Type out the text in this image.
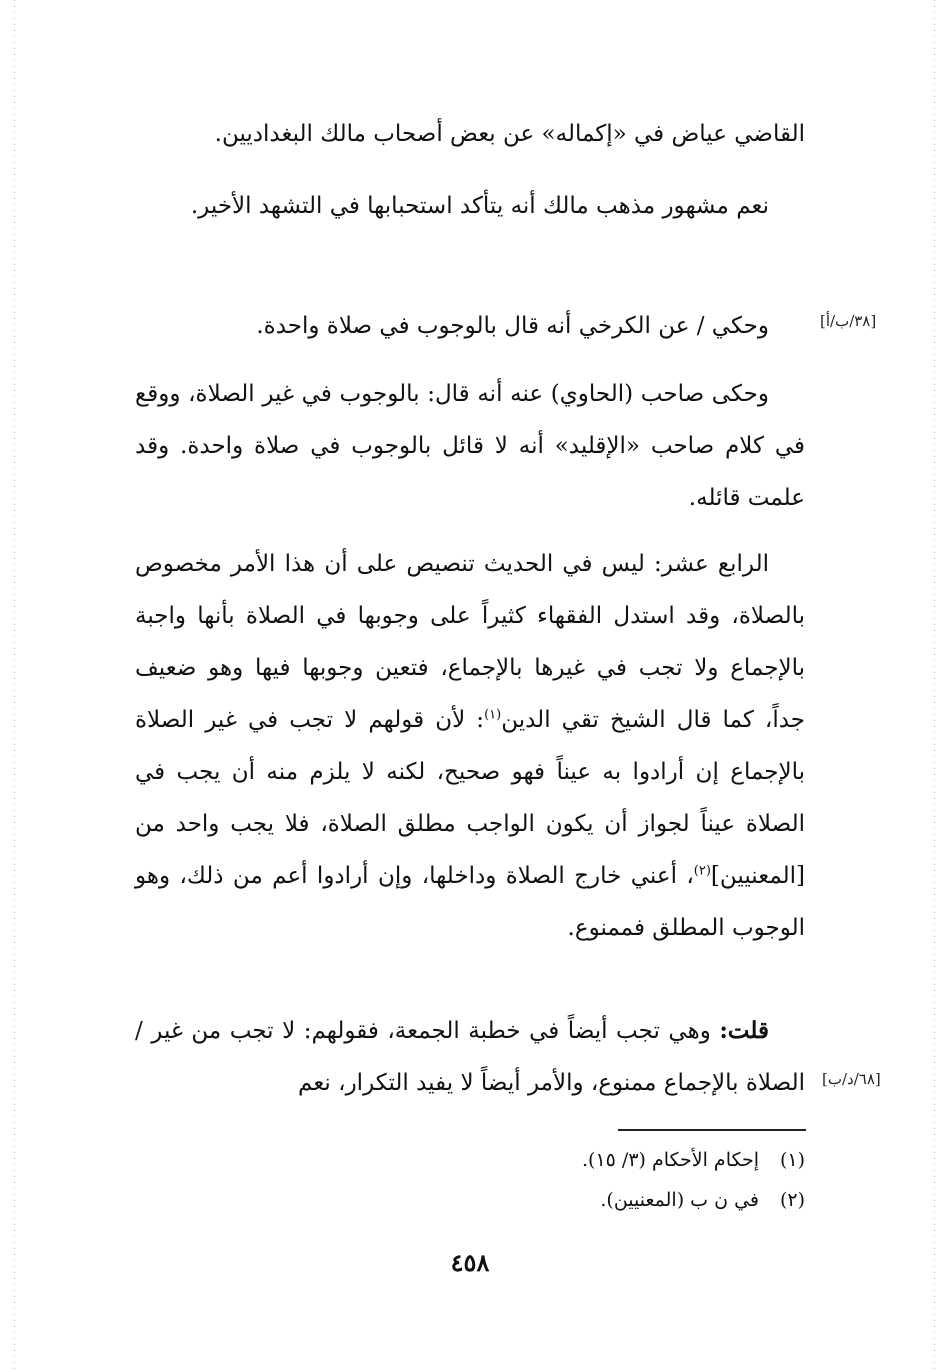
القاضي عياض في «إكماله» عن بعض أصحاب مالك البغداديين.
نعم مشهور مذهب مالك أنه يتأكد استحبابها في التشهد الأخير.
وحكي / عن الكرخي أنه قال بالوجوب في صلاة واحدة.
وحكى صاحب (الحاوي) عنه أنه قال: بالوجوب في غير الصلاة، ووقع في كلام صاحب «الإقليد» أنه لا قائل بالوجوب في صلاة واحدة. وقد علمت قائله.
الرابع عشر: ليس في الحديث تنصيص على أن هذا الأمر مخصوص بالصلاة، وقد استدل الفقهاء كثيراً على وجوبها في الصلاة بأنها واجبة بالإجماع ولا تجب في غيرها بالإجماع، فتعين وجوبها فيها وهو ضعيف جداً، كما قال الشيخ تقي الدين$^{(١)}$: لأن قولهم لا تجب في غير الصلاة بالإجماع إن أرادوا به عيناً فهو صحيح، لكنه لا يلزم منه أن يجب في الصلاة عيناً لجواز أن يكون الواجب مطلق الصلاة، فلا يجب واحد من [المعنيين]$^{(٢)}$، أعني خارج الصلاة وداخلها، وإن أرادوا أعم من ذلك، وهو الوجوب المطلق فممنوع.
قلت: وهي تجب أيضاً في خطبة الجمعة، فقولهم: لا تجب من غير / الصلاة بالإجماع ممنوع، والأمر أيضاً لا يفيد التكرار، نعم
[٣٨/ب/أ]
[٦٨/د/ب]
(١)إحكام الأحكام (٣/ ١٥).
(٢)في ن ب (المعنيين).
٤٥٨
